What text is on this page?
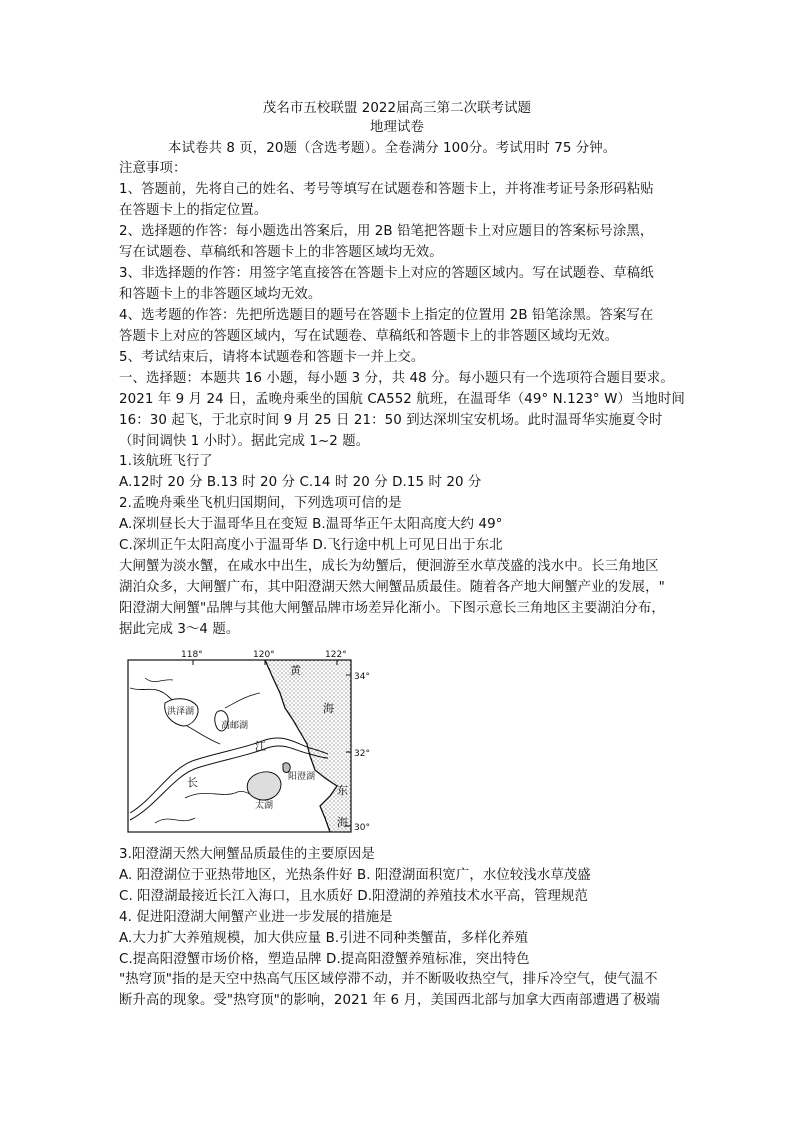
茂名市五校联盟 2022届高三第二次联考试题
地理试卷
本试卷共 8 页，20题（含选考题）。全卷满分 100分。考试用时 75 分钟。
注意事项：
1、答题前，先将自己的姓名、考号等填写在试题卷和答题卡上，并将准考证号条形码粘贴
在答题卡上的指定位置。
2、选择题的作答：每小题选出答案后，用 2B 铅笔把答题卡上对应题目的答案标号涂黑，
写在试题卷、草稿纸和答题卡上的非答题区域均无效。
3、非选择题的作答：用签字笔直接答在答题卡上对应的答题区域内。写在试题卷、草稿纸
和答题卡上的非答题区域均无效。
4、选考题的作答：先把所选题目的题号在答题卡上指定的位置用 2B 铅笔涂黑。答案写在
答题卡上对应的答题区域内，写在试题卷、草稿纸和答题卡上的非答题区域均无效。
5、考试结束后，请将本试题卷和答题卡一并上交。
一、选择题：本题共 16 小题，每小题 3 分，共 48 分。每小题只有一个选项符合题目要求。
2021 年 9 月 24 日，孟晚舟乘坐的国航 CA552 航班，在温哥华（49° N.123° W）当地时间
16：30 起飞，于北京时间 9 月 25 日 21：50 到达深圳宝安机场。此时温哥华实施夏令时
（时间调快 1 小时）。据此完成 1~2 题。
1.该航班飞行了
A.12时 20 分 B.13 时 20 分 C.14 时 20 分 D.15 时 20 分
2.孟晚舟乘坐飞机归国期间，下列选项可信的是
A.深圳昼长大于温哥华且在变短 B.温哥华正午太阳高度大约 49°
C.深圳正午太阳高度小于温哥华 D.飞行途中机上可见日出于东北
大闸蟹为淡水蟹，在咸水中出生，成长为幼蟹后，便洄游至水草茂盛的浅水中。长三角地区
湖泊众多，大闸蟹广布，其中阳澄湖天然大闸蟹品质最佳。随着各产地大闸蟹产业的发展，"
阳澄湖大闸蟹"品牌与其他大闸蟹品牌市场差异化渐小。下图示意长三角地区主要湖泊分布，
据此完成 3～4 题。
118°	120°	122°
34°
32°
30°
黄
海
东
海
江
长
洪泽湖
高邮湖
阳澄湖
太湖
3.阳澄湖天然大闸蟹品质最佳的主要原因是
A. 阳澄湖位于亚热带地区，光热条件好 B. 阳澄湖面积宽广，水位较浅水草茂盛
C. 阳澄湖最接近长江入海口，且水质好 D.阳澄湖的养殖技术水平高，管理规范
4. 促进阳澄湖大闸蟹产业进一步发展的措施是
A.大力扩大养殖规模，加大供应量 B.引进不同种类蟹苗，多样化养殖
C.提高阳澄蟹市场价格，塑造品牌 D.提高阳澄蟹养殖标准，突出特色
"热穹顶"指的是天空中热高气压区域停滞不动，并不断吸收热空气，排斥冷空气，使气温不
断升高的现象。受"热穹顶"的影响，2021 年 6 月，美国西北部与加拿大西南部遭遇了极端
